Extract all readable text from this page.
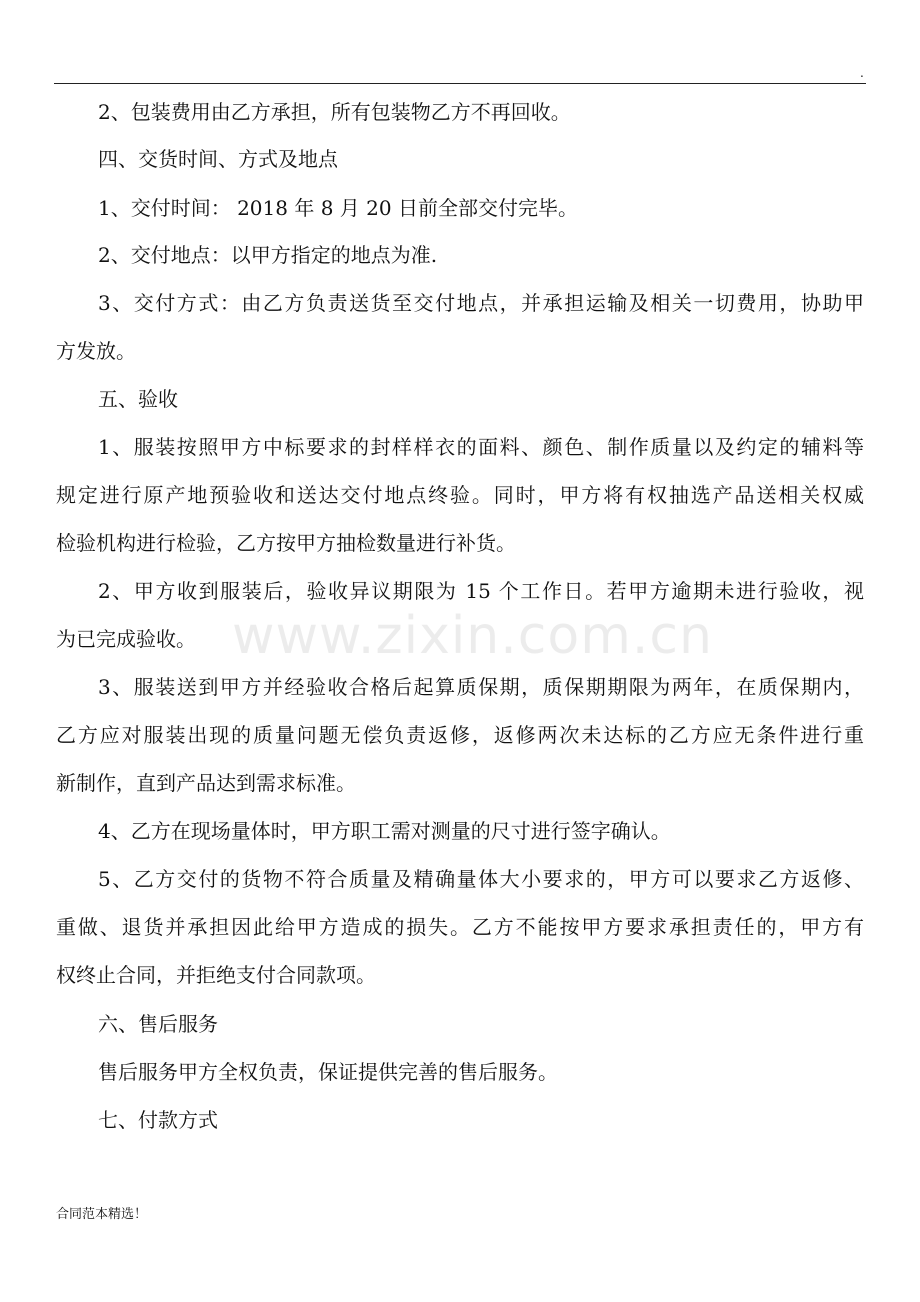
.
2、包装费用由乙方承担，所有包装物乙方不再回收。
四、交货时间、方式及地点
1、交付时间： 2018 年 8 月 20 日前全部交付完毕。
2、交付地点：以甲方指定的地点为准.
3、交付方式：由乙方负责送货至交付地点，并承担运输及相关一切费用，协助甲
方发放。
五、验收
1、服装按照甲方中标要求的封样样衣的面料、颜色、制作质量以及约定的辅料等
规定进行原产地预验收和送达交付地点终验。同时，甲方将有权抽选产品送相关权威
检验机构进行检验，乙方按甲方抽检数量进行补货。
2、甲方收到服装后，验收异议期限为 15 个工作日。若甲方逾期未进行验收，视
为已完成验收。
3、服装送到甲方并经验收合格后起算质保期，质保期期限为两年，在质保期内，
乙方应对服装出现的质量问题无偿负责返修，返修两次未达标的乙方应无条件进行重
新制作，直到产品达到需求标准。
4、乙方在现场量体时，甲方职工需对测量的尺寸进行签字确认。
5、乙方交付的货物不符合质量及精确量体大小要求的，甲方可以要求乙方返修、
重做、退货并承担因此给甲方造成的损失。乙方不能按甲方要求承担责任的，甲方有
权终止合同，并拒绝支付合同款项。
六、售后服务
售后服务甲方全权负责，保证提供完善的售后服务。
七、付款方式
www.zixin.com.cn
合同范本精选！
